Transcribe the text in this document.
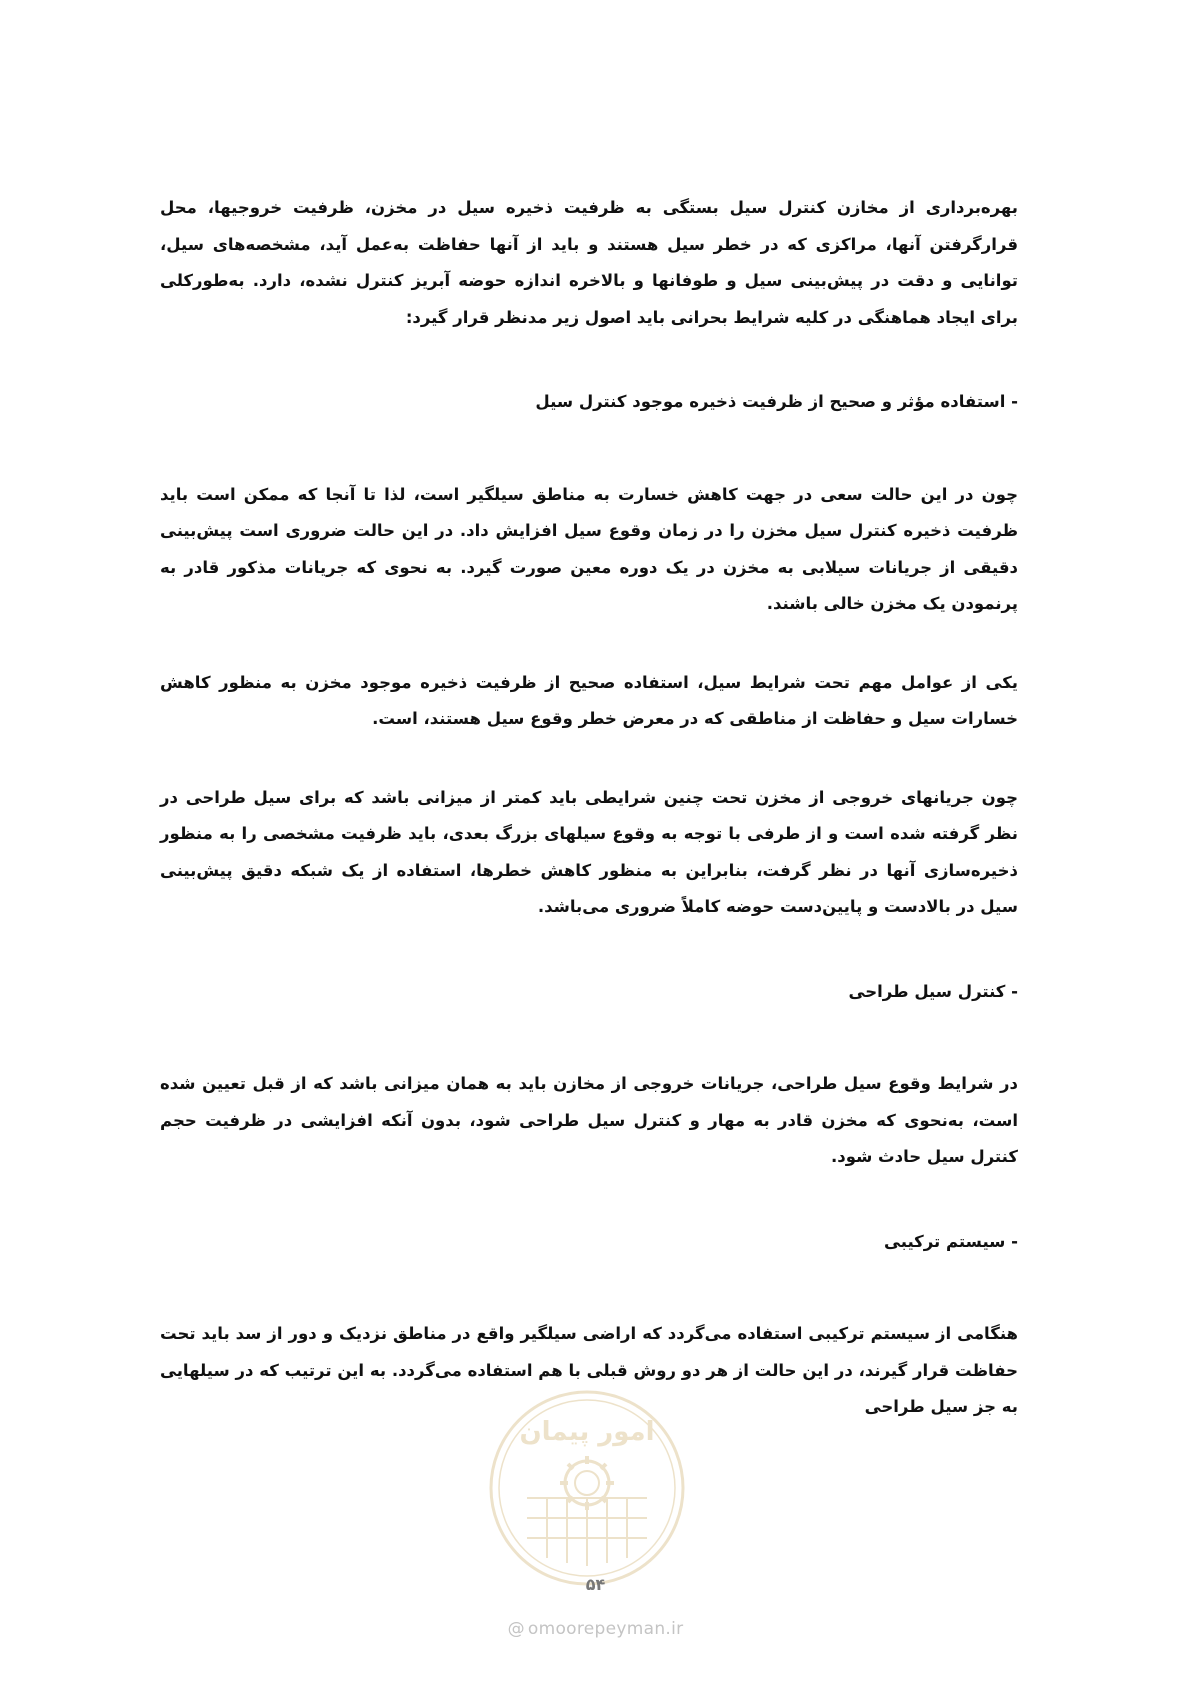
بهره‌برداری از مخازن کنترل سیل بستگی به ظرفیت ذخیره سیل در مخزن، ظرفیت خروجیها، محل قرارگرفتن آنها، مراکزی که در خطر سیل هستند و باید از آنها حفاظت به‌عمل آید، مشخصه‌های سیل، توانایی و دقت در پیش‌بینی سیل و طوفانها و بالاخره اندازه حوضه آبریز کنترل نشده، دارد. به‌طورکلی برای ایجاد هماهنگی در کلیه شرایط بحرانی باید اصول زیر مدنظر قرار گیرد:

- استفاده مؤثر و صحیح از ظرفیت ذخیره موجود کنترل سیل

چون در این حالت سعی در جهت کاهش خسارت به مناطق سیلگیر است، لذا تا آنجا که ممکن است باید ظرفیت ذخیره کنترل سیل مخزن را در زمان وقوع سیل افزایش داد. در این حالت ضروری است پیش‌بینی دقیقی از جریانات سیلابی به مخزن در یک دوره معین صورت گیرد. به نحوی که جریانات مذکور قادر به پرنمودن یک مخزن خالی باشند.

یکی از عوامل مهم تحت شرایط سیل، استفاده صحیح از ظرفیت ذخیره موجود مخزن به منظور کاهش خسارات سیل و حفاظت از مناطقی که در معرض خطر وقوع سیل هستند، است.

چون جریانهای خروجی از مخزن تحت چنین شرایطی باید کمتر از میزانی باشد که برای سیل طراحی در نظر گرفته شده است و از طرفی با توجه به وقوع سیلهای بزرگ بعدی، باید ظرفیت مشخصی را به منظور ذخیره‌سازی آنها در نظر گرفت، بنابراین به منظور کاهش خطرها، استفاده از یک شبکه دقیق پیش‌بینی سیل در بالادست و پایین‌دست حوضه کاملاً ضروری می‌باشد.

- کنترل سیل طراحی

در شرایط وقوع سیل طراحی، جریانات خروجی از مخازن باید به همان میزانی باشد که از قبل تعیین شده است، به‌نحوی که مخزن قادر به مهار و کنترل سیل طراحی شود، بدون آنکه افزایشی در ظرفیت حجم کنترل سیل حادث شود.

- سیستم ترکیبی

هنگامی از سیستم ترکیبی استفاده می‌گردد که اراضی سیلگیر واقع در مناطق نزدیک و دور از سد باید تحت حفاظت قرار گیرند، در این حالت از هر دو روش قبلی با هم استفاده می‌گردد. به این ترتیب که در سیلهایی به جز سیل طراحی

امور پیمان
۵۴
@ omoorepeyman.ir
